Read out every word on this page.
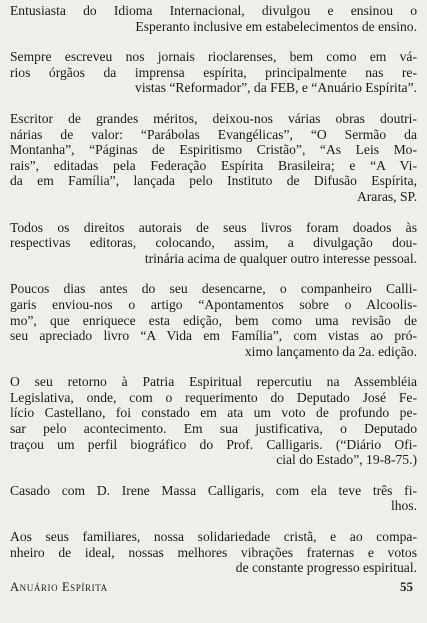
Entusiasta do Idioma Internacional, divulgou e ensinou o
Esperanto inclusive em estabelecimentos de ensino.

Sempre escreveu nos jornais rioclarenses, bem como em vá-
rios órgãos da imprensa espírita, principalmente nas re-
vistas “Reformador”, da FEB, e “Anuário Espírita”.

Escritor de grandes méritos, deixou-nos várias obras doutri-
nárias de valor: “Parábolas Evangélicas”, “O Sermão da
Montanha”, “Páginas de Espiritismo Cristão”, “As Leis Mo-
rais”, editadas pela Federação Espírita Brasileira; e “A Vi-
da em Família”, lançada pelo Instituto de Difusão Espírita,
Araras, SP.

Todos os direitos autorais de seus livros foram doados às
respectivas editoras, colocando, assim, a divulgação dou-
trinária acima de qualquer outro interesse pessoal.

Poucos dias antes do seu desencarne, o companheiro Calli-
garis enviou-nos o artigo “Apontamentos sobre o Alcoolis-
mo”, que enriquece esta edição, bem como uma revisão de
seu apreciado livro “A Vida em Família”, com vistas ao pró-
ximo lançamento da 2a. edição.

O seu retorno à Patria Espiritual repercutiu na Assembléia
Legislativa, onde, com o requerimento do Deputado José Fe-
lício Castellano, foi constado em ata um voto de profundo pe-
sar pelo acontecimento. Em sua justificativa, o Deputado
traçou um perfil biográfico do Prof. Calligaris. (“Diário Ofi-
cial do Estado”, 19-8-75.)

Casado com D. Irene Massa Calligaris, com ela teve três fi-
lhos.

Aos seus familiares, nossa solidariedade cristã, e ao compa-
nheiro de ideal, nossas melhores vibrações fraternas e votos
de constante progresso espiritual.

Anuário Espírita	55
